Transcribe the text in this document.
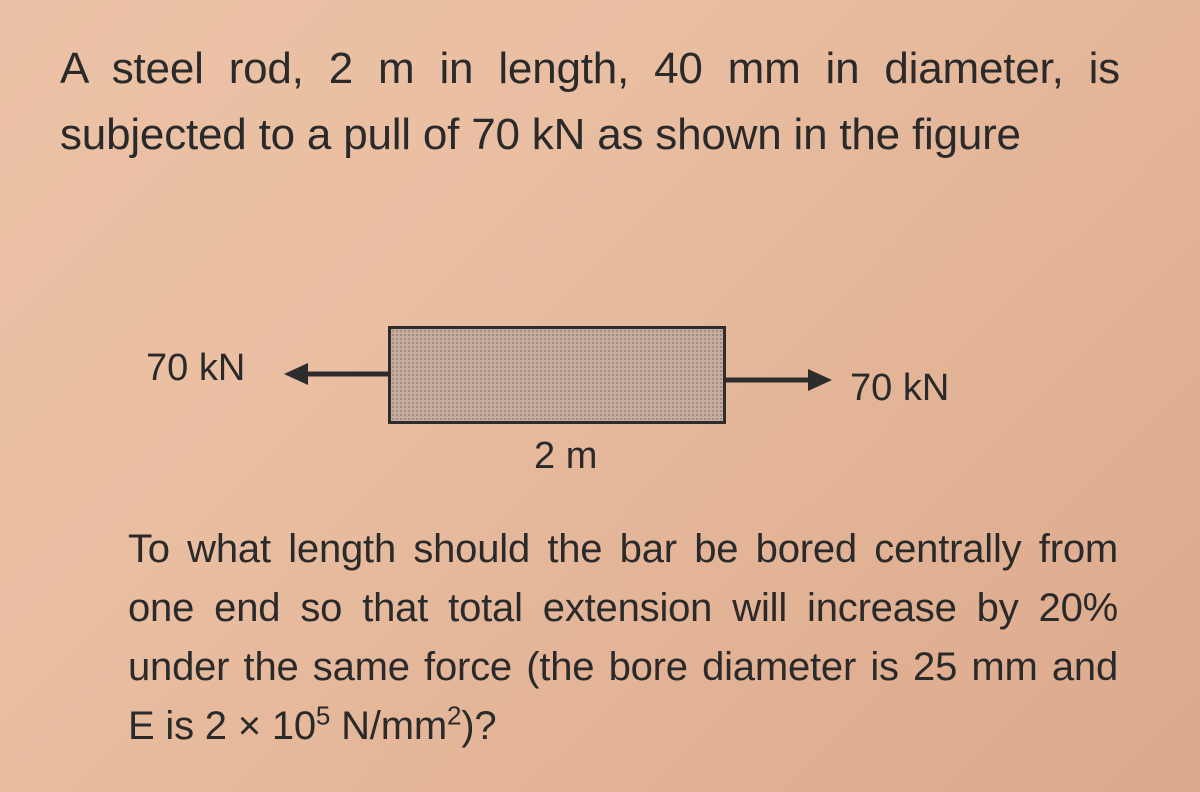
A steel rod, 2 m in length, 40 mm in diameter, is subjected to a pull of 70 kN as shown in the figure

70 kN	70 kN
2 m

To what length should the bar be bored centrally from one end so that total extension will increase by 20% under the same force (the bore diameter is 25 mm and E is $2 \times 10^5$ $N/mm^2$)?
